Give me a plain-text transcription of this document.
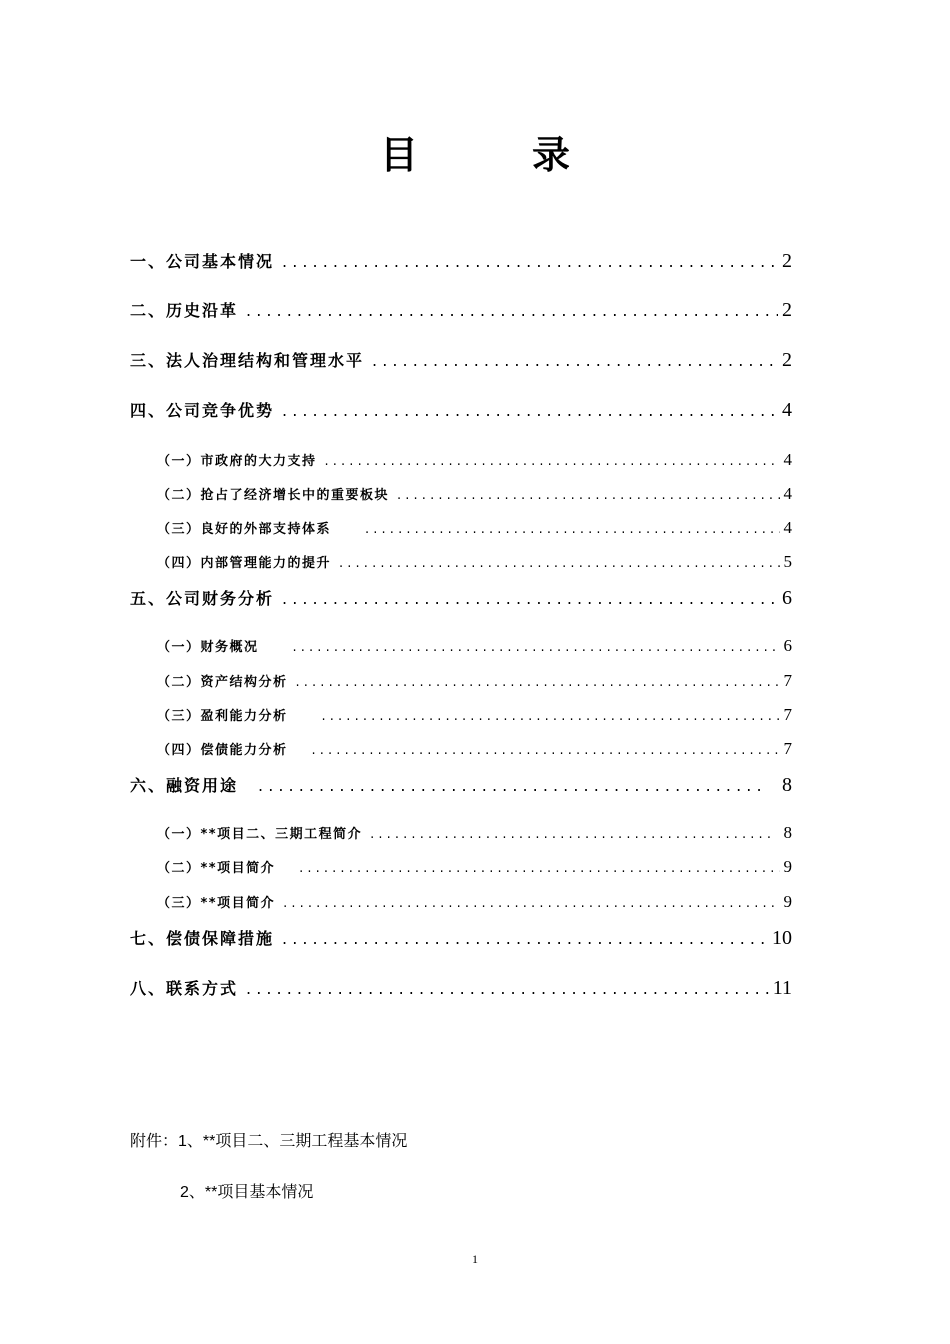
目　录
一、公司基本情况 . . .	2
二、历史沿革 . . .	2
三、法人治理结构和管理水平 . . .	2
四、公司竞争优势 . . .	4
（一）市政府的大力支持 . . .	4
（二）抢占了经济增长中的重要板块 . . .	4
（三）良好的外部支持体系 . . .	4
（四）内部管理能力的提升 . . .	5
五、公司财务分析 . . .	6
（一）财务概况 . . .	6
（二）资产结构分析 . . .	7
（三）盈利能力分析 . . .	7
（四）偿债能力分析 . . .	7
六、融资用途 . . .	8
（一）**项目二、三期工程简介 . . .	8
（二）**项目简介 . . .	9
（三）**项目简介 . . .	9
七、偿债保障措施 . . .	10
八、联系方式 . . .	11
附件：1、**项目二、三期工程基本情况
2、**项目基本情况
1
